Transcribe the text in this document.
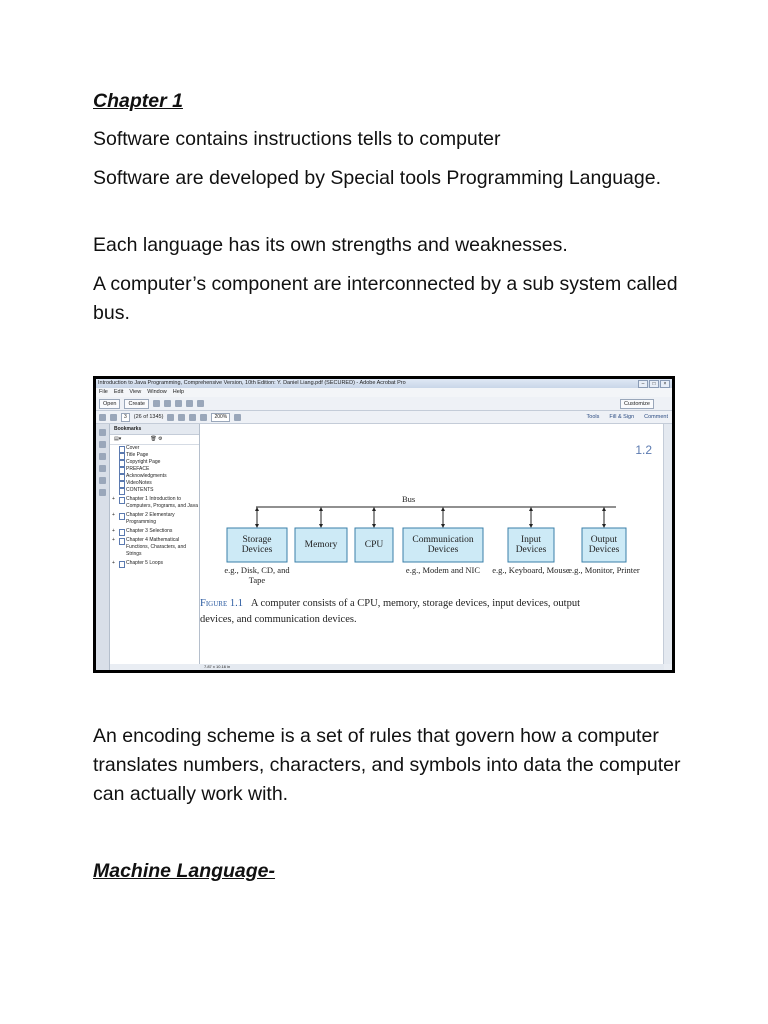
Chapter 1

Software contains instructions tells to computer

Software are developed by Special tools Programming Language.

Each language has its own strengths and weaknesses.

A computer’s component are interconnected by a sub system called bus.

Introduction to Java Programming, Comprehensive Version, 10th Edition: Y. Daniel Liang.pdf (SECURED) - Adobe Acrobat Pro	–	□	×
File Edit View Window Help
Open	Create	Customize
3	(26 of 1345)	200%	Tools Fill & Sign Comment
Bookmarks
▤▾                     🗑 ⚙
Cover
Title Page
Copyright Page
PREFACE
Acknowledgments
VideoNotes
CONTENTS
Chapter 1 Introduction to Computers, Programs, and Java +
Chapter 2 Elementary Programming +
Chapter 3 Selections +
Chapter 4 Mathematical Functions, Characters, and Strings +
Chapter 5 Loops +
1.2
Bus
Storage Devices
e.g., Disk, CD, and Tape
Memory	CPU	Communication Devices
e.g., Modem and NIC
Input Devices
e.g., Keyboard, Mouse
Output Devices
e.g., Monitor, Printer
Figure 1.1 A computer consists of a CPU, memory, storage devices, input devices, output
devices, and communication devices.
7.87 x 10.16 in

An encoding scheme is a set of rules that govern how a computer translates numbers, characters, and symbols into data the computer can actually work with.

Machine Language-
